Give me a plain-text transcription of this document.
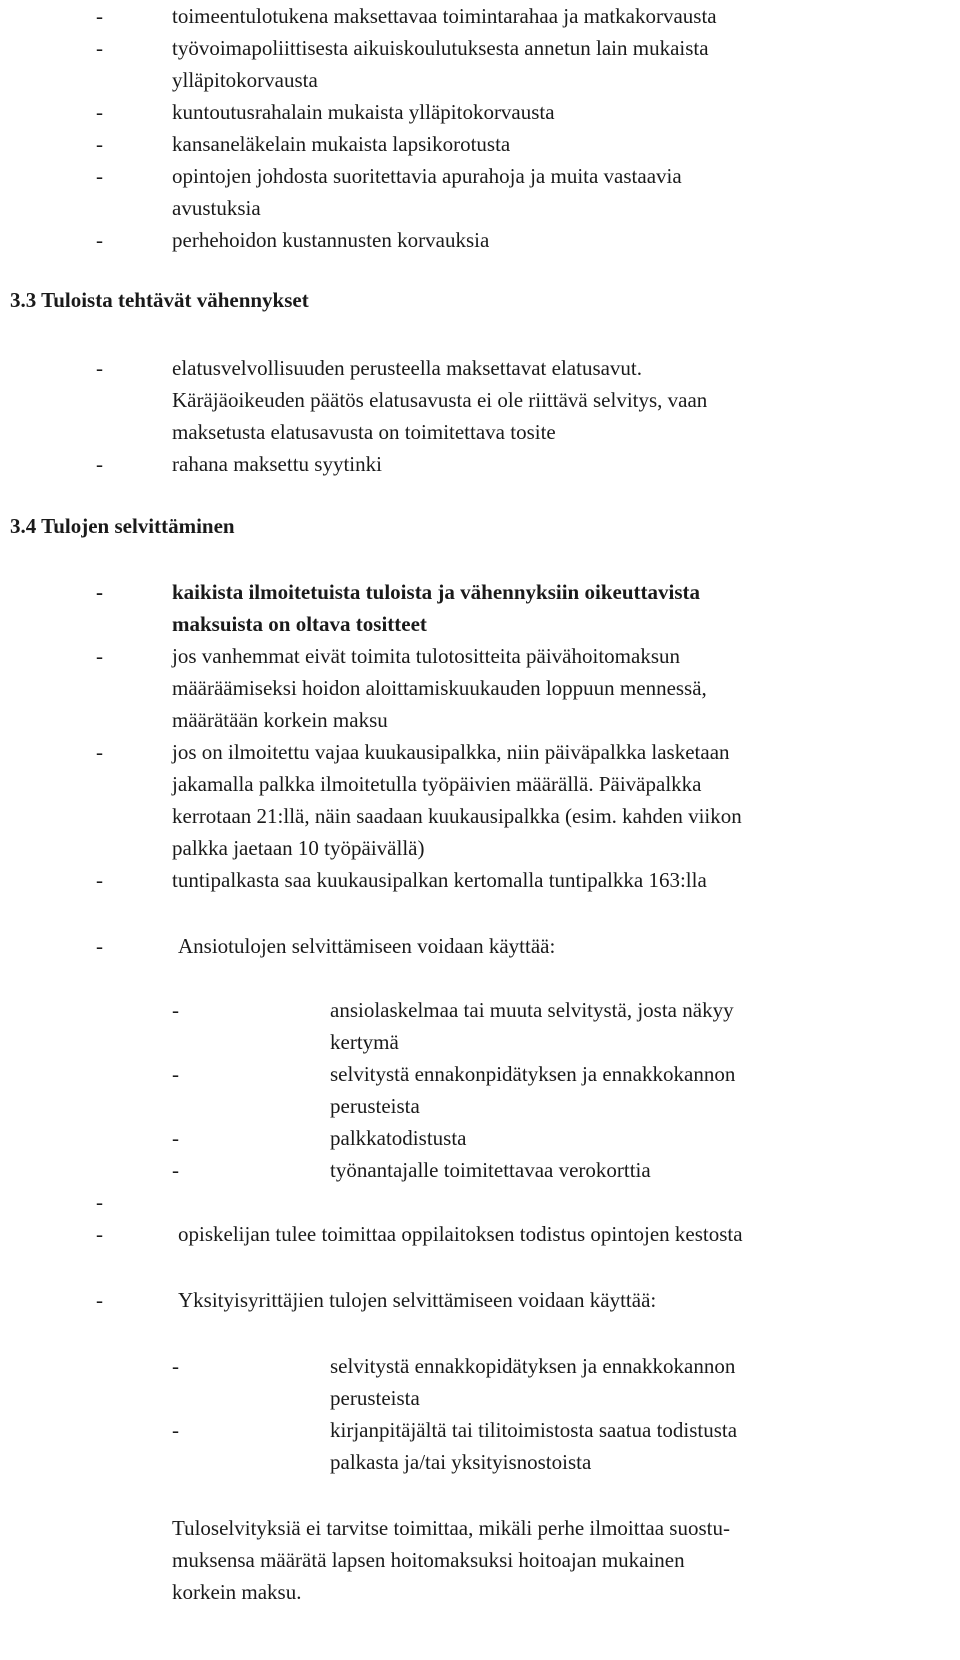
-	toimeentulotukena maksettavaa toimintarahaa ja matkakorvausta
-	työvoimapoliittisesta aikuiskoulutuksesta annetun lain mukaista
ylläpitokorvausta
-	kuntoutusrahalain mukaista ylläpitokorvausta
-	kansaneläkelain mukaista lapsikorotusta
-	opintojen johdosta suoritettavia apurahoja ja muita vastaavia
avustuksia
-	perhehoidon kustannusten korvauksia
3.3 Tuloista tehtävät vähennykset
-	elatusvelvollisuuden perusteella maksettavat elatusavut.
Käräjäoikeuden päätös elatusavusta ei ole riittävä selvitys, vaan
maksetusta elatusavusta on toimitettava tosite
-	rahana maksettu syytinki
3.4 Tulojen selvittäminen
-	kaikista ilmoitetuista tuloista ja vähennyksiin oikeuttavista
maksuista on oltava tositteet
-	jos vanhemmat eivät toimita tulotositteita päivähoitomaksun
määräämiseksi hoidon aloittamiskuukauden loppuun mennessä,
määrätään korkein maksu
-	jos on ilmoitettu vajaa kuukausipalkka, niin päiväpalkka lasketaan
jakamalla palkka ilmoitetulla työpäivien määrällä. Päiväpalkka
kerrotaan 21:llä, näin saadaan kuukausipalkka (esim. kahden viikon
palkka jaetaan 10 työpäivällä)
-	tuntipalkasta saa kuukausipalkan kertomalla tuntipalkka 163:lla
-	Ansiotulojen selvittämiseen voidaan käyttää:
-	ansiolaskelmaa tai muuta selvitystä, josta näkyy
kertymä
-	selvitystä ennakonpidätyksen ja ennakkokannon
perusteista
-	palkkatodistusta
-	työnantajalle toimitettavaa verokorttia
-
-	opiskelijan tulee toimittaa oppilaitoksen todistus opintojen kestosta
-	Yksityisyrittäjien tulojen selvittämiseen voidaan käyttää:
-	selvitystä ennakkopidätyksen ja ennakkokannon
perusteista
-	kirjanpitäjältä tai tilitoimistosta saatua todistusta
palkasta ja/tai yksityisnostoista
Tuloselvityksiä ei tarvitse toimittaa, mikäli perhe ilmoittaa suostu-
muksensa määrätä lapsen hoitomaksuksi hoitoajan mukainen
korkein maksu.
